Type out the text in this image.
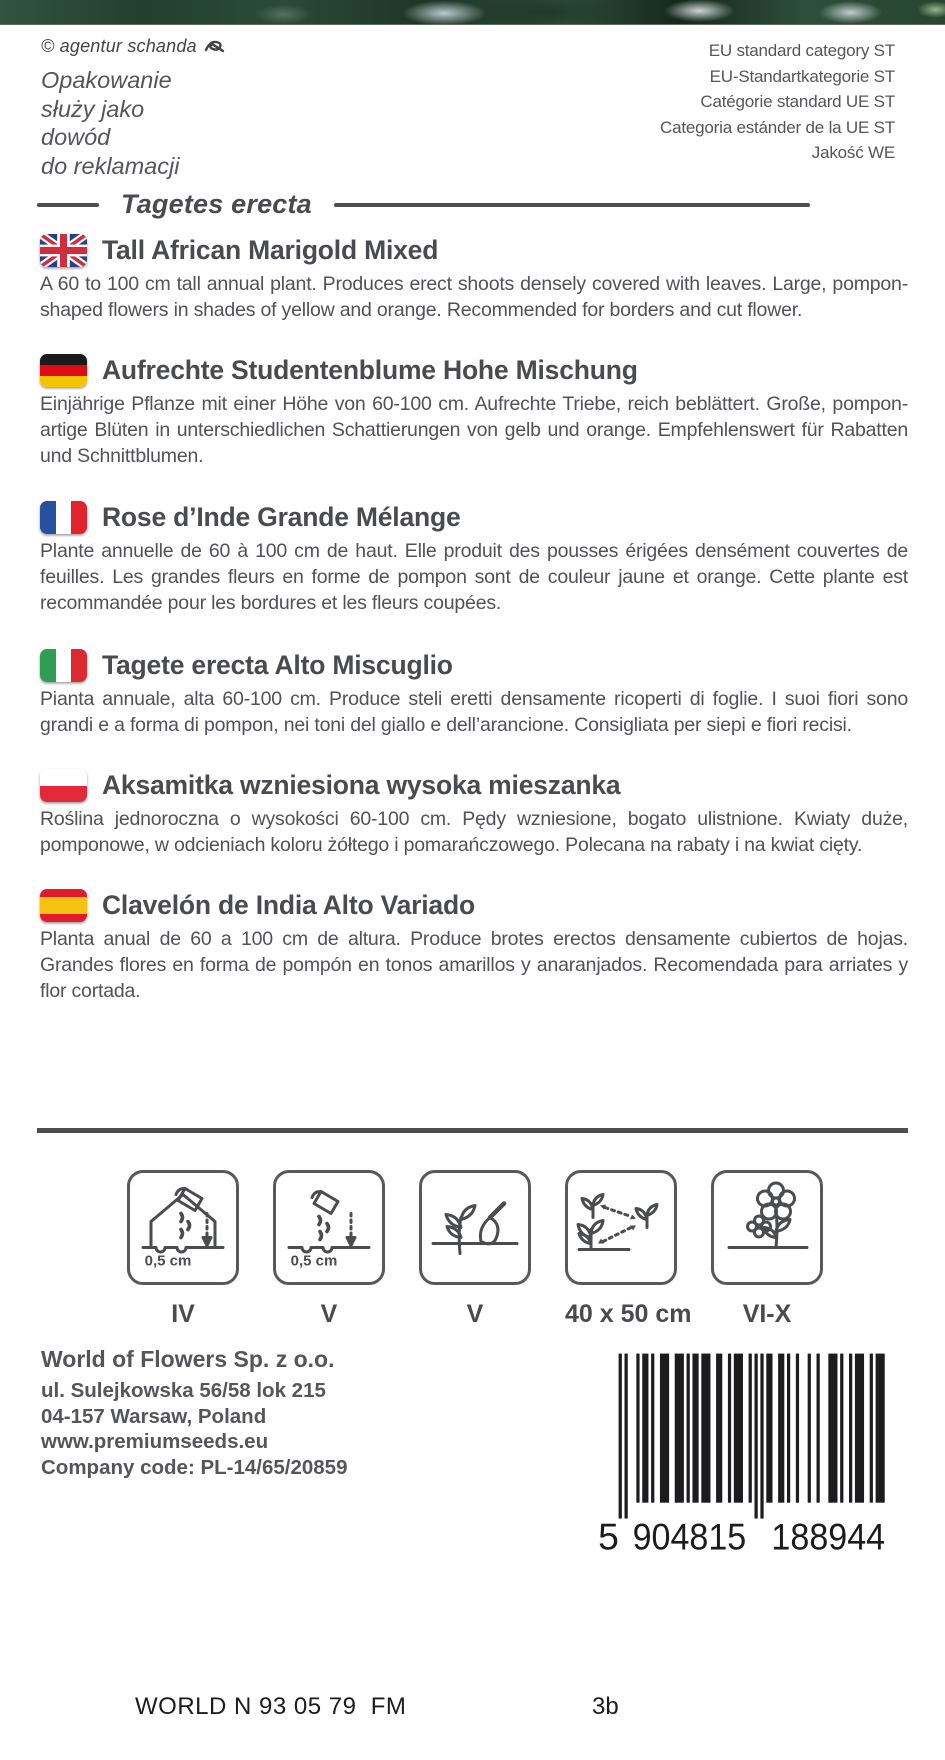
© agentur schanda
Opakowanie
służy jako
dowód
do reklamacji
EU standard category ST
EU-Standartkategorie ST
Catégorie standard UE ST
Categoria estánder de la UE ST
Jakość WE
Tagetes erecta
Tall African Marigold Mixed
A 60 to 100 cm tall annual plant. Produces erect shoots densely covered with leaves. Large, pompon-shaped flowers in shades of yellow and orange. Recommended for borders and cut flower.
Aufrechte Studentenblume Hohe Mischung
Einjährige Pflanze mit einer Höhe von 60-100 cm. Aufrechte Triebe, reich beblättert. Große, pompon-artige Blüten in unterschiedlichen Schattierungen von gelb und orange. Empfehlenswert für Rabatten und Schnittblumen.
Rose d’Inde Grande Mélange
Plante annuelle de 60 à 100 cm de haut. Elle produit des pousses érigées densément couvertes de feuilles. Les grandes fleurs en forme de pompon sont de couleur jaune et orange. Cette plante est recommandée pour les bordures et les fleurs coupées.
Tagete erecta Alto Miscuglio
Pianta annuale, alta 60-100 cm. Produce steli eretti densamente ricoperti di foglie. I suoi fiori sono grandi e a forma di pompon, nei toni del giallo e dell’arancione. Consigliata per siepi e fiori recisi.
Aksamitka wzniesiona wysoka mieszanka
Roślina jednoroczna o wysokości 60-100 cm. Pędy wzniesione, bogato ulistnione. Kwiaty duże, pomponowe, w odcieniach koloru żółtego i pomarańczowego. Polecana na rabaty i na kwiat cięty.
Clavelón de India Alto Variado
Planta anual de 60 a 100 cm de altura. Produce brotes erectos densamente cubiertos de hojas. Grandes flores en forma de pompón en tonos amarillos y anaranjados. Recomendada para arriates y flor cortada.
0,5 cm
IV
0,5 cm
V	V	40 x 50 cm	VI-X
World of Flowers Sp. z o.o.
ul. Sulejkowska 56/58 lok 215
04-157 Warsaw, Poland
www.premiumseeds.eu
Company code: PL-14/65/20859
5 904815 188944
WORLD N 93 05 79  FM	3b
